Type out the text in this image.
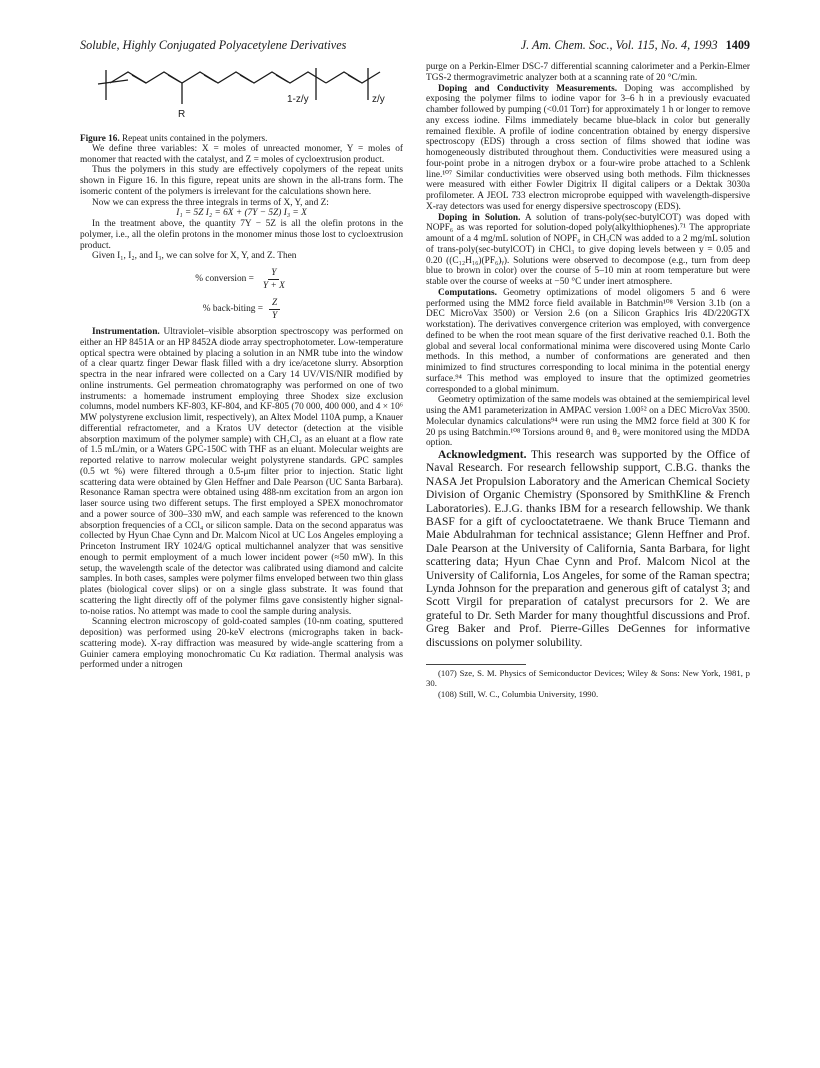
Soluble, Highly Conjugated Polyacetylene Derivatives	J. Am. Chem. Soc., Vol. 115, No. 4, 1993 1409
R
1-z/y	z/y

Figure 16. Repeat units contained in the polymers.

We define three variables: X = moles of unreacted monomer, Y = moles of monomer that reacted with the catalyst, and Z = moles of cycloextrusion product.

Thus the polymers in this study are effectively copolymers of the repeat units shown in Figure 16. In this figure, repeat units are shown in the all-trans form. The isomeric content of the polymers is irrelevant for the calculations shown here.

Now we can express the three integrals in terms of X, Y, and Z:

I₁ = 5Z I₂ = 6X + (7Y − 5Z) I₃ = X

In the treatment above, the quantity 7Y − 5Z is all the olefin protons in the polymer, i.e., all the olefin protons in the monomer minus those lost to cycloextrusion product.

Given I₁, I₂, and I₃, we can solve for X, Y, and Z. Then

% conversion = $\frac{Y}{Y + X}$
% back-biting = $\frac{Z}{Y}$

Instrumentation. Ultraviolet–visible absorption spectroscopy was performed on either an HP 8451A or an HP 8452A diode array spectrophotometer. Low-temperature optical spectra were obtained by placing a solution in an NMR tube into the window of a clear quartz finger Dewar flask filled with a dry ice/acetone slurry. Absorption spectra in the near infrared were collected on a Cary 14 UV/VIS/NIR modified by online instruments. Gel permeation chromatography was performed on one of two instruments: a homemade instrument employing three Shodex size exclusion columns, model numbers KF-803, KF-804, and KF-805 (70 000, 400 000, and 4 × 10⁶ MW polystyrene exclusion limit, respectively), an Altex Model 110A pump, a Knauer differential refractometer, and a Kratos UV detector (detection at the visible absorption maximum of the polymer sample) with CH₂Cl₂ as an eluant at a flow rate of 1.5 mL/min, or a Waters GPC-150C with THF as an eluant. Molecular weights are reported relative to narrow molecular weight polystyrene standards. GPC samples (0.5 wt %) were filtered through a 0.5-μm filter prior to injection. Static light scattering data were obtained by Glen Heffner and Dale Pearson (UC Santa Barbara). Resonance Raman spectra were obtained using 488-nm excitation from an argon ion laser source using two different setups. The first employed a SPEX monochromator and a power source of 300–330 mW, and each sample was referenced to the known absorption frequencies of a CCl₄ or silicon sample. Data on the second apparatus was collected by Hyun Chae Cynn and Dr. Malcom Nicol at UC Los Angeles employing a Princeton Instrument IRY 1024/G optical multichannel analyzer that was sensitive enough to permit employment of a much lower incident power (≈50 mW). In this setup, the wavelength scale of the detector was calibrated using diamond and calcite samples. In both cases, samples were polymer films enveloped between two thin glass plates (biological cover slips) or on a single glass substrate. It was found that scattering the light directly off of the polymer films gave consistently higher signal-to-noise ratios. No attempt was made to cool the sample during analysis.

Scanning electron microscopy of gold-coated samples (10-nm coating, sputtered deposition) was performed using 20-keV electrons (micrographs taken in back-scattering mode). X-ray diffraction was measured by wide-angle scattering from a Guinier camera employing monochromatic Cu Kα radiation. Thermal analysis was performed under a nitrogen

purge on a Perkin-Elmer DSC-7 differential scanning calorimeter and a Perkin-Elmer TGS-2 thermogravimetric analyzer both at a scanning rate of 20 °C/min.

Doping and Conductivity Measurements. Doping was accomplished by exposing the polymer films to iodine vapor for 3–6 h in a previously evacuated chamber followed by pumping (<0.01 Torr) for approximately 1 h or longer to remove any excess iodine. Films immediately became blue-black in color but generally remained flexible. A profile of iodine concentration obtained by energy dispersive spectroscopy (EDS) through a cross section of films showed that iodine was homogeneously distributed throughout them. Conductivities were measured using a four-point probe in a nitrogen drybox or a four-wire probe attached to a Schlenk line.¹⁰⁷ Similar conductivities were observed using both methods. Film thicknesses were measured with either Fowler Digitrix II digital calipers or a Dektak 3030a profilometer. A JEOL 733 electron microprobe equipped with wavelength-dispersive X-ray detectors was used for energy dispersive spectroscopy (EDS).

Doping in Solution. A solution of trans-poly(sec-butylCOT) was doped with NOPF₆ as was reported for solution-doped poly(alkylthiophenes).⁷¹ The appropriate amount of a 4 mg/mL solution of NOPF₆ in CH₃CN was added to a 2 mg/mL solution of trans-poly(sec-butylCOT) in CHCl₃ to give doping levels between y = 0.05 and 0.20 ((C₁₂H₁₆)(PF₆)ᵧ). Solutions were observed to decompose (e.g., turn from deep blue to brown in color) over the course of 5–10 min at room temperature but were stable over the course of weeks at −50 °C under inert atmosphere.

Computations. Geometry optimizations of model oligomers 5 and 6 were performed using the MM2 force field available in Batchmin¹⁰⁸ Version 3.1b (on a DEC MicroVax 3500) or Version 2.6 (on a Silicon Graphics Iris 4D/220GTX workstation). The derivatives convergence criterion was employed, with convergence defined to be when the root mean square of the first derivative reached 0.1. Both the global and several local conformational minima were discovered using Monte Carlo methods. In this method, a number of conformations are generated and then minimized to find structures corresponding to local minima in the potential energy surface.⁹⁴ This method was employed to insure that the optimized geometries corresponded to a global minimum.

Geometry optimization of the same models was obtained at the semiempirical level using the AM1 parameterization in AMPAC version 1.00⁵² on a DEC MicroVax 3500. Molecular dynamics calculations⁹⁴ were run using the MM2 force field at 300 K for 20 ps using Batchmin.¹⁰⁸ Torsions around θ₁ and θ₂ were monitored using the MDDA option.

Acknowledgment. This research was supported by the Office of Naval Research. For research fellowship support, C.B.G. thanks the NASA Jet Propulsion Laboratory and the American Chemical Society Division of Organic Chemistry (Sponsored by SmithKline & French Laboratories). E.J.G. thanks IBM for a research fellowship. We thank BASF for a gift of cyclooctatetraene. We thank Bruce Tiemann and Maie Abdulrahman for technical assistance; Glenn Heffner and Prof. Dale Pearson at the University of California, Santa Barbara, for light scattering data; Hyun Chae Cynn and Prof. Malcom Nicol at the University of California, Los Angeles, for some of the Raman spectra; Lynda Johnson for the preparation and generous gift of catalyst 3; and Scott Virgil for preparation of catalyst precursors for 2. We are grateful to Dr. Seth Marder for many thoughtful discussions and Prof. Greg Baker and Prof. Pierre-Gilles DeGennes for informative discussions on polymer solubility.

(107) Sze, S. M. Physics of Semiconductor Devices; Wiley & Sons: New York, 1981, p 30.

(108) Still, W. C., Columbia University, 1990.
